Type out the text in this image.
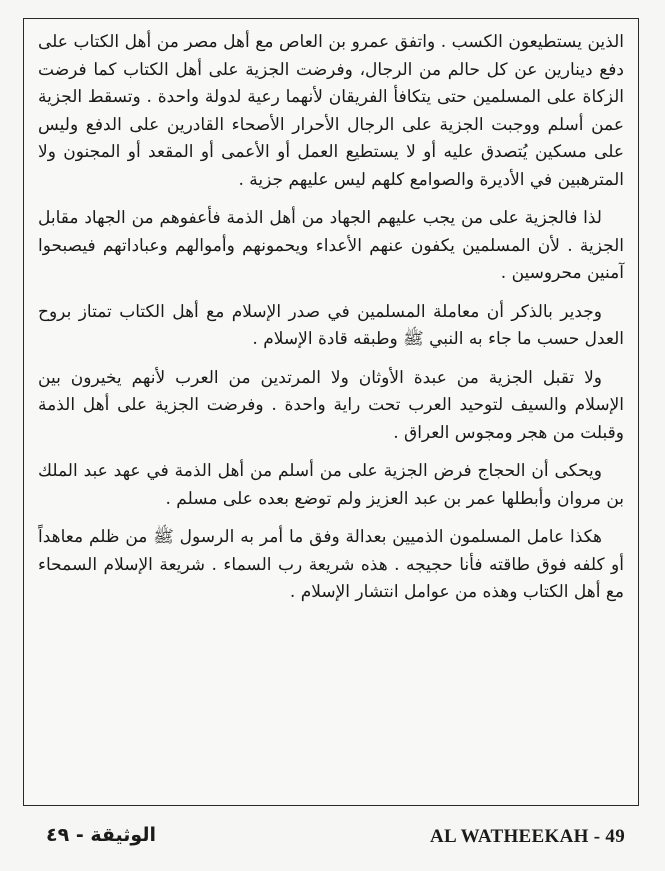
الذين يستطيعون الكسب . واتفق عمرو بن العاص مع أهل مصر من أهل الكتاب على دفع دينارين عن كل حالم من الرجال، وفرضت الجزية على أهل الكتاب كما فرضت الزكاة على المسلمين حتى يتكافأ الفريقان لأنهما رعية لدولة واحدة . وتسقط الجزية عمن أسلم ووجبت الجزية على الرجال الأحرار الأصحاء القادرين على الدفع وليس على مسكين يُتصدق عليه أو لا يستطيع العمل أو الأعمى أو المقعد أو المجنون ولا المترهبين في الأديرة والصوامع كلهم ليس عليهم جزية .

لذا فالجزية على من يجب عليهم الجهاد من أهل الذمة فأعفوهم من الجهاد مقابل الجزية . لأن المسلمين يكفون عنهم الأعداء ويحمونهم وأموالهم وعباداتهم فيصبحوا آمنين محروسين .

وجدير بالذكر أن معاملة المسلمين في صدر الإسلام مع أهل الكتاب تمتاز بروح العدل حسب ما جاء به النبي ﷺ وطبقه قادة الإسلام .

ولا تقبل الجزية من عبدة الأوثان ولا المرتدين من العرب لأنهم يخيرون بين الإسلام والسيف لتوحيد العرب تحت راية واحدة . وفرضت الجزية على أهل الذمة وقبلت من هجر ومجوس العراق .

ويحكى أن الحجاج فرض الجزية على من أسلم من أهل الذمة في عهد عبد الملك بن مروان وأبطلها عمر بن عبد العزيز ولم توضع بعده على مسلم .

هكذا عامل المسلمون الذميين بعدالة وفق ما أمر به الرسول ﷺ من ظلم معاهداً أو كلفه فوق طاقته فأنا حجيجه . هذه شريعة رب السماء . شريعة الإسلام السمحاء مع أهل الكتاب وهذه من عوامل انتشار الإسلام .

الوثيقة - ٤٩	AL WATHEEKAH - 49
